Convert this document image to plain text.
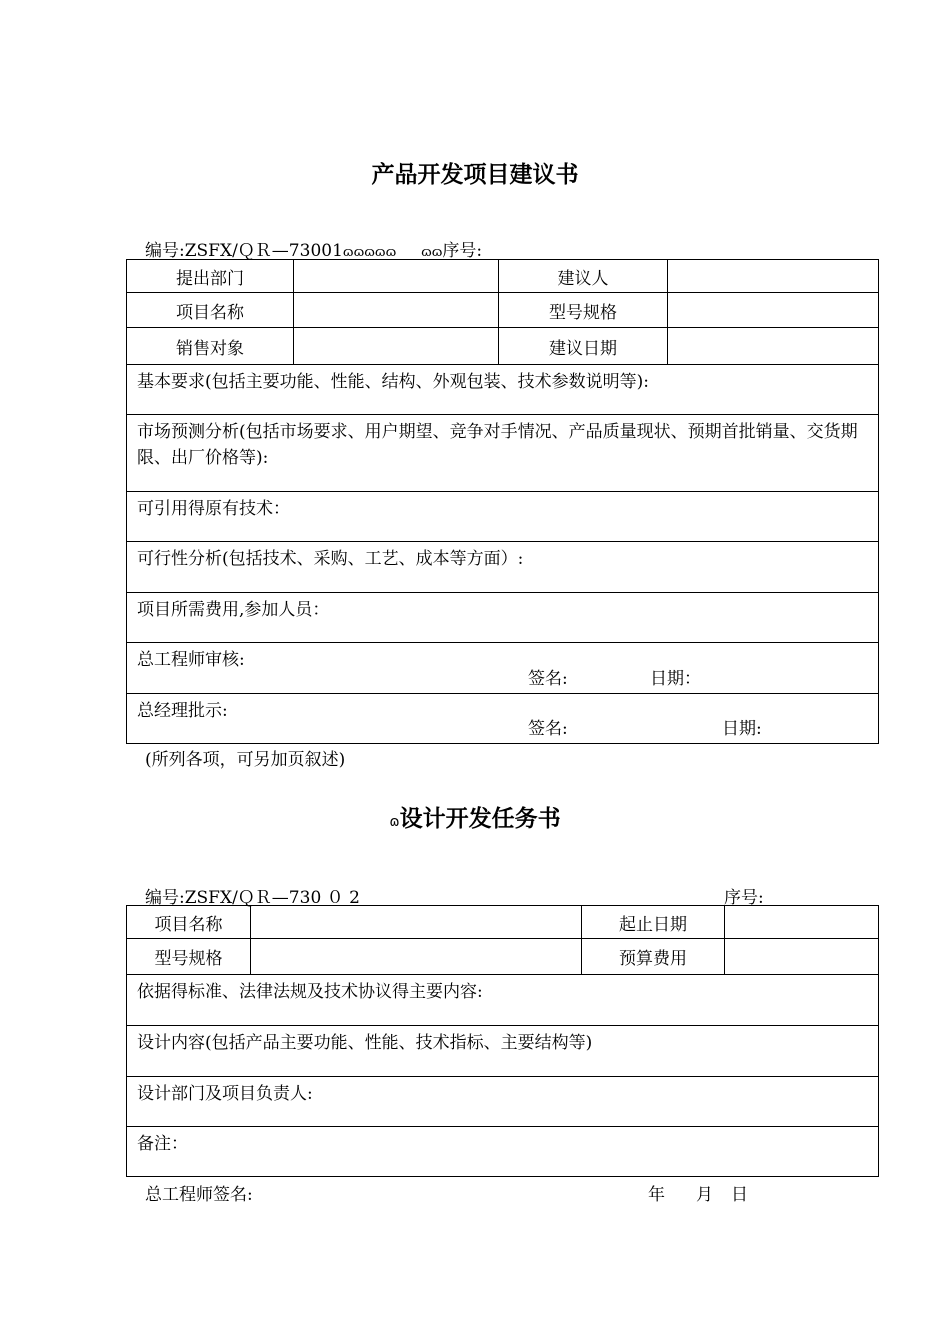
产品开发项目建议书
编号:ZSFX/ＱＲ—73001ɷɷɷɷɷ      ɷɷ序号:
提出部门		建议人	
项目名称		型号规格	
销售对象		建议日期	
基本要求(包括主要功能、性能、结构、外观包装、技术参数说明等):			
市场预测分析(包括市场要求、用户期望、竞争对手情况、产品质量现状、预期首批销量、交货期限、出厂价格等):			
可引用得原有技术：			
可行性分析(包括技术、采购、工艺、成本等方面）:			
项目所需费用,参加人员：			
总工程师审核:
签名: 日期：			

总经理批示:
签名: 日期:			
(所列各项，可另加页叙述)
ɷ设计开发任务书
编号:ZSFX/ＱＲ—730 ０ 2	序号:
项目名称		起止日期	
型号规格		预算费用	
依据得标准、法律法规及技术协议得主要内容:			
设计内容(包括产品主要功能、性能、技术指标、主要结构等)			
设计部门及项目负责人:			
备注：			
总工程师签名:	年 月 日
